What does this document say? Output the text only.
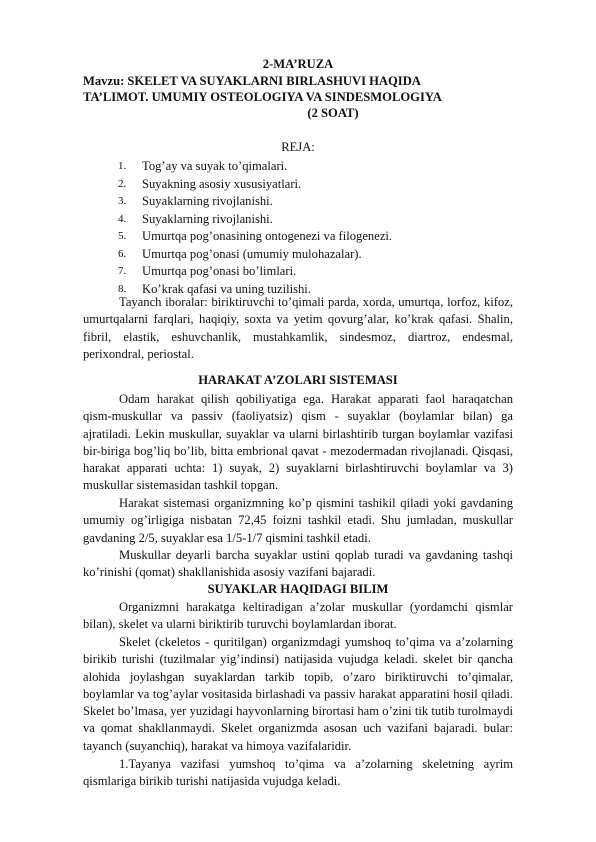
2-MA’RUZA
Mavzu: SKELET VA SUYAKLARNI BIRLASHUVI HAQIDA
TA’LIMOT. UMUMIY OSTEOLOGIYA VA SINDESMOLOGIYA

(2 SOAT)
REJA:
1. Tog’ay va suyak to’qimalari.
2. Suyakning asosiy xususiyatlari.
3. Suyaklarning rivojlanishi.
4. Suyaklarning rivojlanishi.
5. Umurtqa pog’onasining ontogenezi va filogenezi.
6. Umurtqa pog’onasi (umumiy mulohazalar).
7. Umurtqa pog’onasi bo’limlari.
8. Ko’krak qafasi va uning tuzilishi.

Tayanch iboralar: biriktiruvchi to’qimali parda, xorda, umurtqa, lorfoz, kifoz, umurtqalarni farqlari, haqiqiy, soxta va yetim qovurg’alar, ko’krak qafasi. Shalin, fibril, elastik, eshuvchanlik, mustahkamlik, sindesmoz, diartroz, endesmal, perixondral, periostal.

HARAKAT A’ZOLARI SISTEMASI

Odam harakat qilish qobiliyatiga ega. Harakat apparati faol haraqatchan qism-muskullar va passiv (faoliyatsiz) qism - suyaklar (boylamlar bilan) ga ajratiladi. Lekin muskullar, suyaklar va ularni birlashtirib turgan boylamlar vazifasi bir-biriga bog’liq bo’lib, bitta embrional qavat - mezodermadan rivojlanadi. Qisqasi, harakat apparati uchta: 1) suyak, 2) suyaklarni birlashtiruvchi boylamlar va 3) muskullar sistemasidan tashkil topgan.

Harakat sistemasi organizmning ko’p qismini tashikil qiladi yoki gavdaning umumiy og’irligiga nisbatan 72,45 foizni tashkil etadi. Shu jumladan, muskullar gavdaning 2/5, suyaklar esa 1/5-1/7 qismini tashkil etadi.

Muskullar deyarli barcha suyaklar ustini qoplab turadi va gavdaning tashqi ko’rinishi (qomat) shakllanishida asosiy vazifani bajaradi.

SUYAKLAR HAQIDAGI BILIM

Organizmni harakatga keltiradigan a’zolar muskullar (yordamchi qismlar bilan), skelet va ularni biriktirib turuvchi boylamlardan iborat.

Skelet (ckeletos - quritilgan) organizmdagi yumshoq to’qima va a’zolarning birikib turishi (tuzilmalar yig’indinsi) natijasida vujudga keladi. skelet bir qancha alohida joylashgan suyaklardan tarkib topib, o’zaro biriktiruvchi to’qimalar, boylamlar va tog’aylar vositasida birlashadi va passiv harakat apparatini hosil qiladi. Skelet bo’lmasa, yer yuzidagi hayvonlarning birortasi ham o’zini tik tutib turolmaydi va qomat shakllanmaydi. Skelet organizmda asosan uch vazifani bajaradi. bular: tayanch (suyanchiq), harakat va himoya vazifalaridir.

1.Tayanya vazifasi yumshoq to’qima va a’zolarning skeletning ayrim qismlariga birikib turishi natijasida vujudga keladi.
